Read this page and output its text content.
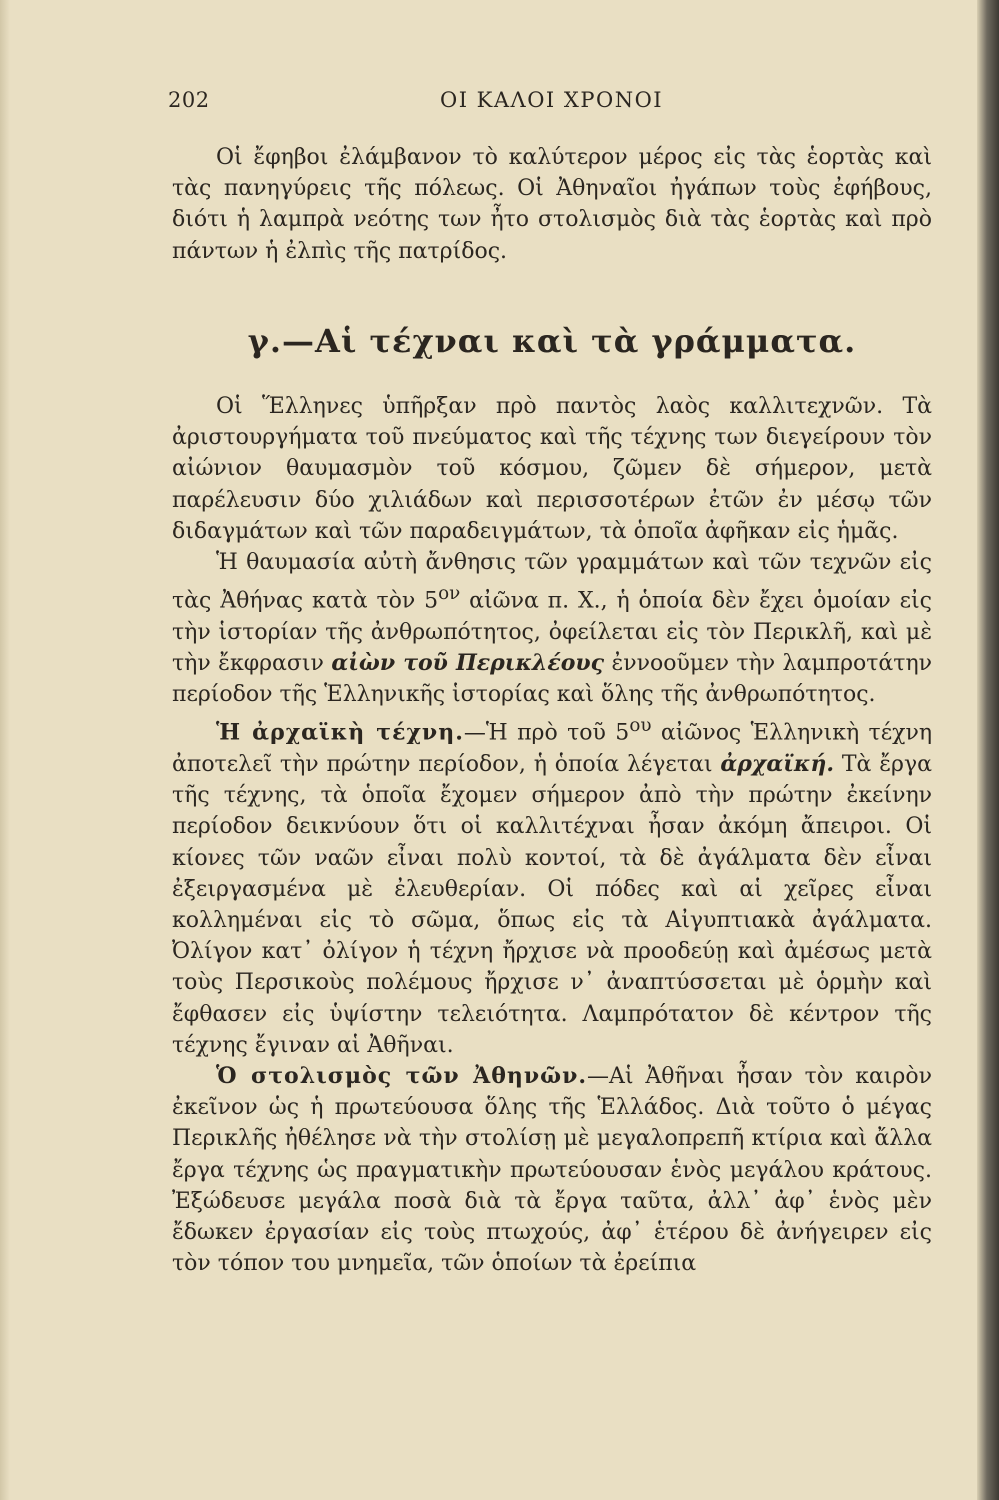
202	ΟΙ ΚΑΛΟΙ ΧΡΟΝΟΙ

Οἱ ἔφηβοι ἐλάμβανον τὸ καλύτερον μέρος εἰς τὰς ἑορτὰς καὶ τὰς πανηγύρεις τῆς πόλεως. Οἱ Ἀθηναῖοι ἠγάπων τοὺς ἐφήβους, διότι ἡ λαμπρὰ νεότης των ἦτο στολισμὸς διὰ τὰς ἑορτὰς καὶ πρὸ πάντων ἡ ἐλπὶς τῆς πατρίδος.

γ.—Αἱ τέχναι καὶ τὰ γράμματα.

Οἱ Ἕλληνες ὑπῆρξαν πρὸ παντὸς λαὸς καλλιτεχνῶν. Τὰ ἀριστουργήματα τοῦ πνεύματος καὶ τῆς τέχνης των διεγείρουν τὸν αἰώνιον θαυμασμὸν τοῦ κόσμου, ζῶμεν δὲ σήμερον, μετὰ παρέλευσιν δύο χιλιάδων καὶ περισσοτέρων ἐτῶν ἐν μέσῳ τῶν διδαγμάτων καὶ τῶν παραδειγμάτων, τὰ ὁποῖα ἀφῆκαν εἰς ἡμᾶς.

Ἡ θαυμασία αὐτὴ ἄνθησις τῶν γραμμάτων καὶ τῶν τεχνῶν εἰς τὰς Ἀθήνας κατὰ τὸν $5^{o\nu}$ αἰῶνα π. Χ., ἡ ὁποία δὲν ἔχει ὁμοίαν εἰς τὴν ἱστορίαν τῆς ἀνθρωπότητος, ὀφείλεται εἰς τὸν Περικλῆ, καὶ μὲ τὴν ἔκφρασιν αἰὼν τοῦ Περικλέους ἐννοοῦμεν τὴν λαμπροτάτην περίοδον τῆς Ἑλληνικῆς ἱστορίας καὶ ὅλης τῆς ἀνθρωπότητος.

Ἡ ἀρχαϊκὴ τέχνη.—Ἡ πρὸ τοῦ $5^{o\upsilon}$ αἰῶνος Ἑλληνικὴ τέχνη ἀποτελεῖ τὴν πρώτην περίοδον, ἡ ὁποία λέγεται ἀρχαϊκή. Τὰ ἔργα τῆς τέχνης, τὰ ὁποῖα ἔχομεν σήμερον ἀπὸ τὴν πρώτην ἐκείνην περίοδον δεικνύουν ὅτι οἱ καλλιτέχναι ἦσαν ἀκόμη ἄπειροι. Οἱ κίονες τῶν ναῶν εἶναι πολὺ κοντοί, τὰ δὲ ἀγάλματα δὲν εἶναι ἐξειργασμένα μὲ ἐλευθερίαν. Οἱ πόδες καὶ αἱ χεῖρες εἶναι κολλημέναι εἰς τὸ σῶμα, ὅπως εἰς τὰ Αἰγυπτιακὰ ἀγάλματα. Ὀλίγον κατ᾽ ὀλίγον ἡ τέχνη ἤρχισε νὰ προοδεύῃ καὶ ἀμέσως μετὰ τοὺς Περσικοὺς πολέμους ἤρχισε ν᾽ ἀναπτύσσεται μὲ ὁρμὴν καὶ ἔφθασεν εἰς ὑψίστην τελειότητα. Λαμπρότατον δὲ κέντρον τῆς τέχνης ἔγιναν αἱ Ἀθῆναι.

Ὁ στολισμὸς τῶν Ἀθηνῶν.—Αἱ Ἀθῆναι ἦσαν τὸν καιρὸν ἐκεῖνον ὡς ἡ πρωτεύουσα ὅλης τῆς Ἑλλάδος. Διὰ τοῦτο ὁ μέγας Περικλῆς ἠθέλησε νὰ τὴν στολίσῃ μὲ μεγαλοπρεπῆ κτίρια καὶ ἄλλα ἔργα τέχνης ὡς πραγματικὴν πρωτεύουσαν ἑνὸς μεγάλου κράτους. Ἐξώδευσε μεγάλα ποσὰ διὰ τὰ ἔργα ταῦτα, ἀλλ᾽ ἀφ᾽ ἑνὸς μὲν ἔδωκεν ἐργασίαν εἰς τοὺς πτωχούς, ἀφ᾽ ἑτέρου δὲ ἀνήγειρεν εἰς τὸν τόπον του μνημεῖα, τῶν ὁποίων τὰ ἐρείπια
